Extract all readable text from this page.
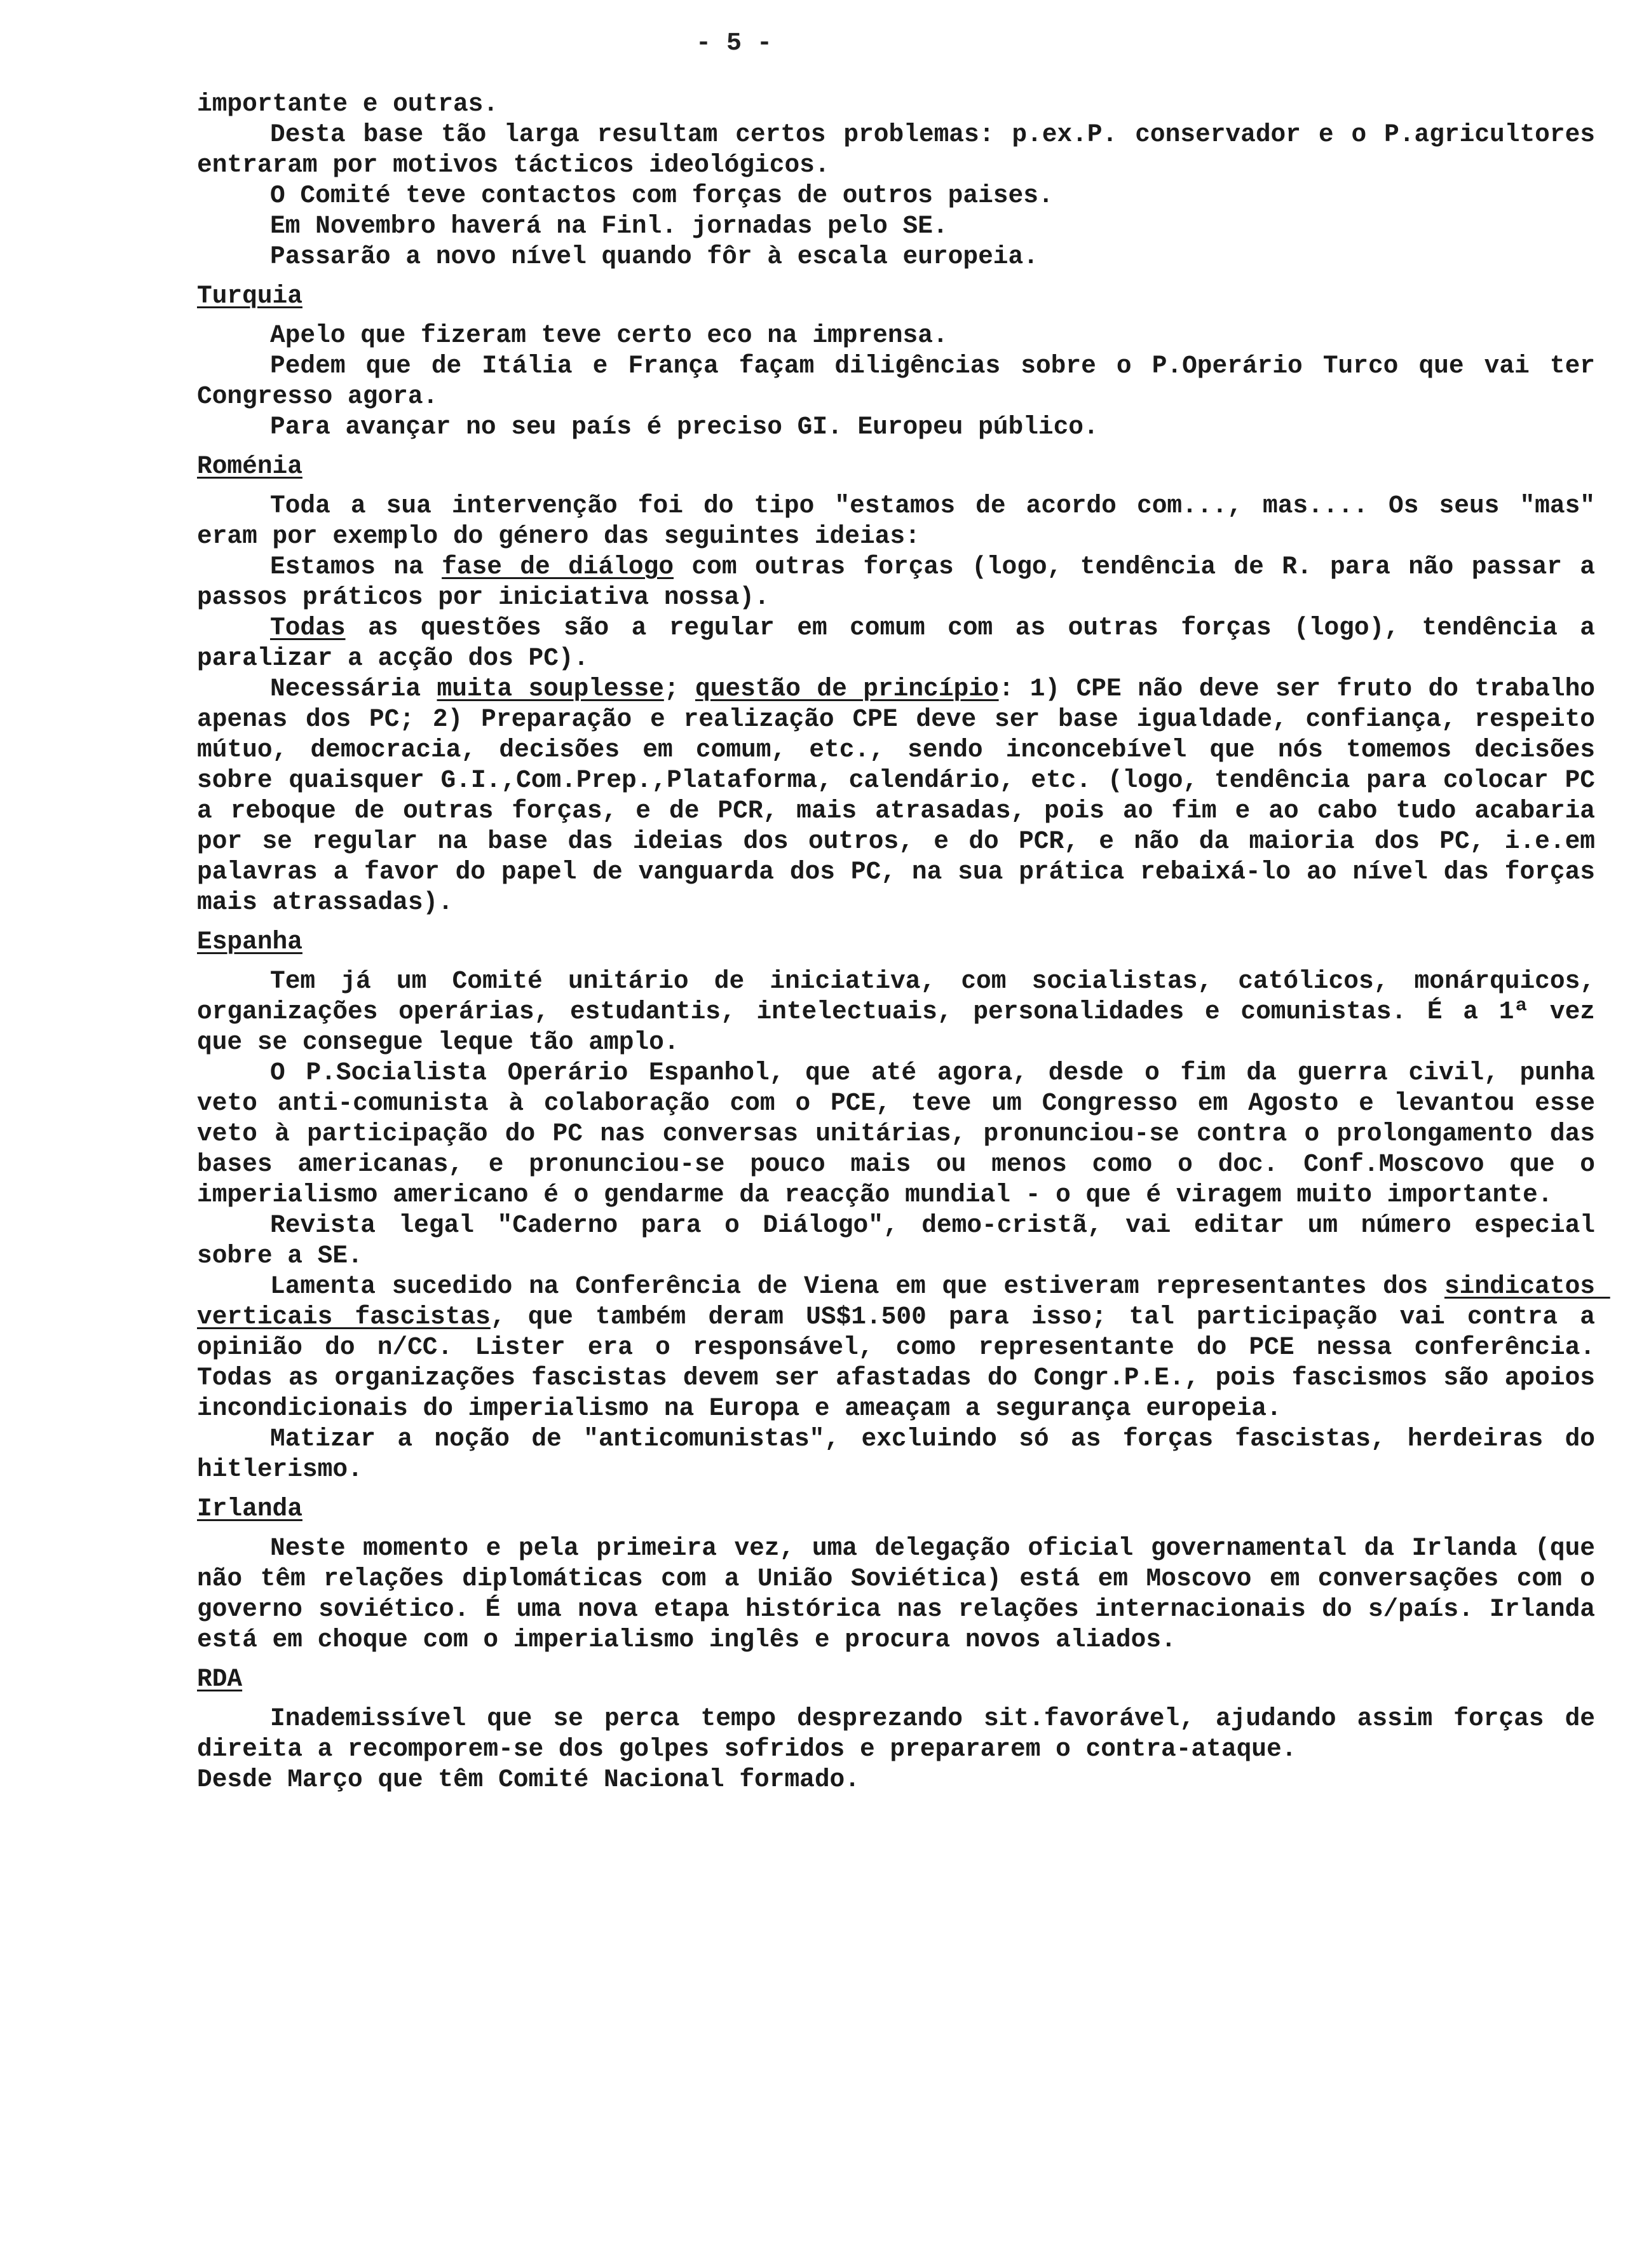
- 5 -

importante e outras.

Desta base tão larga resultam certos problemas: p.ex.P. conservador e o P.agricultores entraram por motivos tácticos ideológicos.

O Comité teve contactos com forças de outros paises.

Em Novembro haverá na Finl. jornadas pelo SE.

Passarão a novo nível quando fôr à escala europeia.

Turquia

Apelo que fizeram teve certo eco na imprensa.

Pedem que de Itália e França façam diligências sobre o P.Operário Turco que vai ter Congresso agora.

Para avançar no seu país é preciso GI. Europeu público.

Roménia

Toda a sua intervenção foi do tipo "estamos de acordo com..., mas.... Os seus "mas" eram por exemplo do género das seguintes ideias:

Estamos na fase de diálogo com outras forças (logo, tendência de R. para não passar a passos práticos por iniciativa nossa).

Todas as questões são a regular em comum com as outras forças (logo), tendência a paralizar a acção dos PC).

Necessária muita souplesse; questão de princípio: 1) CPE não deve ser fruto do trabalho apenas dos PC; 2) Preparação e realização CPE deve ser base igualdade, confiança, respeito mútuo, democracia, decisões em comum, etc., sendo inconcebível que nós tomemos decisões sobre quaisquer G.I.,Com.Prep.,Plataforma, calendário, etc. (logo, tendência para colocar PC a reboque de outras forças, e de PCR, mais atrasadas, pois ao fim e ao cabo tudo acabaria por se regular na base das ideias dos outros, e do PCR, e não da maioria dos PC, i.e.em palavras a favor do papel de vanguarda dos PC, na sua prática rebaixá-lo ao nível das forças mais atrassadas).

Espanha

Tem já um Comité unitário de iniciativa, com socialistas, católicos, monárquicos, organizações operárias, estudantis, intelectuais, personalidades e comunistas. É a 1ª vez que se consegue leque tão amplo.

O P.Socialista Operário Espanhol, que até agora, desde o fim da guerra civil, punha veto anti-comunista à colaboração com o PCE, teve um Congresso em Agosto e levantou esse veto à participação do PC nas conversas unitárias, pronunciou-se contra o prolongamento das bases americanas, e pronunciou-se pouco mais ou menos como o doc. Conf.Moscovo que o imperialismo americano é o gendarme da reacção mundial - o que é viragem muito importante.

Revista legal "Caderno para o Diálogo", demo-cristã, vai editar um número especial sobre a SE.

Lamenta sucedido na Conferência de Viena em que estiveram representantes dos sindicatos verticais fascistas, que também deram US$1.500 para isso; tal participação vai contra a opinião do n/CC. Lister era o responsável, como representante do PCE nessa conferência. Todas as organizações fascistas devem ser afastadas do Congr.P.E., pois fascismos são apoios incondicionais do imperialismo na Europa e ameaçam a segurança europeia.

Matizar a noção de "anticomunistas", excluindo só as forças fascistas, herdeiras do hitlerismo.

Irlanda

Neste momento e pela primeira vez, uma delegação oficial governamental da Irlanda (que não têm relações diplomáticas com a União Soviética) está em Moscovo em conversações com o governo soviético. É uma nova etapa histórica nas relações internacionais do s/país. Irlanda está em choque com o imperialismo inglês e procura novos aliados.

RDA

Inademissível que se perca tempo desprezando sit.favorável, ajudando assim forças de direita a recomporem-se dos golpes sofridos e prepararem o contra-ataque.

Desde Março que têm Comité Nacional formado.
